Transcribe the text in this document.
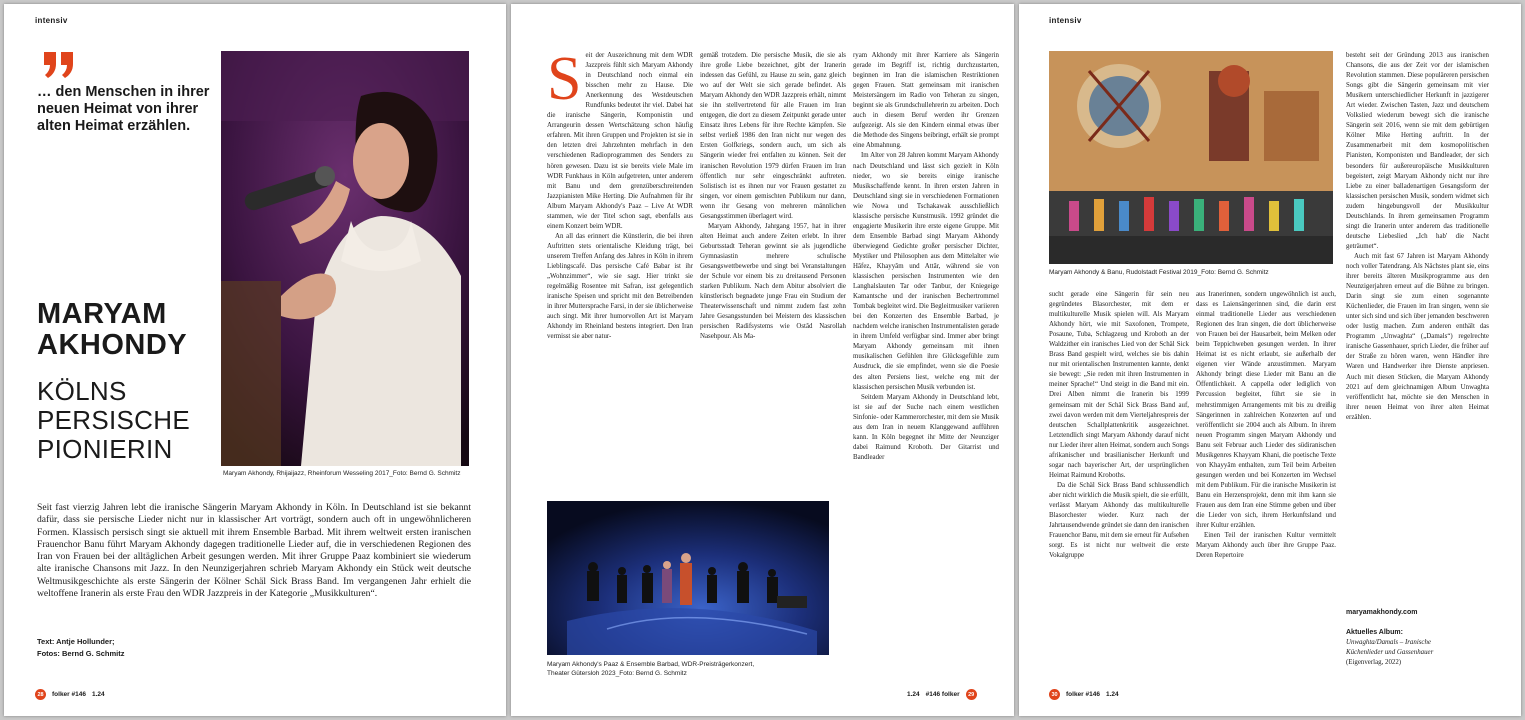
intensiv
… den Menschen in ihrer neuen Heimat von ihrer alten Heimat erzählen.
MARYAM
AKHONDY
KÖLNS
PERSISCHE
PIONIERIN
Maryam Akhondy, Rhijaijazz, Rheinforum Wesseling 2017_Foto: Bernd G. Schmitz
Seit fast vierzig Jahren lebt die iranische Sängerin Maryam Akhondy in Köln. In Deutschland ist sie bekannt dafür, dass sie persische Lieder nicht nur in klassischer Art vorträgt, sondern auch oft in ungewöhnlicheren Formen. Klassisch persisch singt sie aktuell mit ihrem Ensemble Barbad. Mit ihrem weltweit ersten iranischen Frauenchor Banu führt Maryam Akhondy dagegen traditionelle Lieder auf, die in verschiedenen Regionen des Iran von Frauen bei der alltäglichen Arbeit gesungen werden. Mit ihrer Gruppe Paaz kombiniert sie wiederum alte iranische Chansons mit Jazz. In den Neunzigerjahren schrieb Maryam Akhondy ein Stück weit deutsche Weltmusikgeschichte als erste Sängerin der Kölner Schäl Sick Brass Band. Im vergangenen Jahr erhielt die weltoffene Iranerin als erste Frau den WDR Jazzpreis in der Kategorie „Musikkulturen“.
Text: Antje Hollunder;
Fotos: Bernd G. Schmitz
28	folker #146 1.24
S eit der Auszeichnung mit dem WDR Jazzpreis fühlt sich Maryam Akhondy in Deutschland noch einmal ein bisschen mehr zu Hause. Die Anerkennung des Westdeutschen Rundfunks bedeutet ihr viel. Dabei hat die iranische Sängerin, Komponistin und Arrangeurin dessen Wertschätzung schon häufig erfahren. Mit ihren Gruppen und Projekten ist sie in den letzten drei Jahrzehnten mehrfach in den verschiedenen Radioprogrammen des Senders zu hören gewesen. Dazu ist sie bereits viele Male im WDR Funkhaus in Köln aufgetreten, unter anderem mit Banu und dem grenzüberschreitenden Jazzpianisten Mike Herting. Die Aufnahmen für ihr Album Maryam Akhondy's Paaz – Live At WDR stammen, wie der Titel schon sagt, ebenfalls aus einem Konzert beim WDR.

An all das erinnert die Künstlerin, die bei ihren Auftritten stets orientalische Kleidung trägt, bei unserem Treffen Anfang des Jahres in Köln in ihrem Lieblingscafé. Das persische Café Babar ist ihr „Wohnzimmer“, wie sie sagt. Hier trinkt sie regelmäßig Rosentee mit Safran, isst gelegentlich iranische Speisen und spricht mit den Betreibenden in ihrer Muttersprache Farsi, in der sie üblicherweise auch singt. Mit ihrer humorvollen Art ist Maryam Akhondy im Rheinland bestens integriert. Den Iran vermisst sie aber natur-

gemäß trotzdem. Die persische Musik, die sie als ihre große Liebe bezeichnet, gibt der Iranerin indessen das Gefühl, zu Hause zu sein, ganz gleich wo auf der Welt sie sich gerade befindet. Als Maryam Akhondy den WDR Jazzpreis erhält, nimmt sie ihn stellvertretend für alle Frauen im Iran entgegen, die dort zu diesem Zeitpunkt gerade unter Einsatz ihres Lebens für ihre Rechte kämpfen. Sie selbst verließ 1986 den Iran nicht nur wegen des Ersten Golfkriegs, sondern auch, um sich als Sängerin wieder frei entfalten zu können. Seit der iranischen Revolution 1979 dürfen Frauen im Iran öffentlich nur sehr eingeschränkt auftreten. Solistisch ist es ihnen nur vor Frauen gestattet zu singen, vor einem gemischten Publikum nur dann, wenn ihr Gesang von mehreren männlichen Gesangsstimmen überlagert wird.

Maryam Akhondy, Jahrgang 1957, hat in ihrer alten Heimat auch andere Zeiten erlebt. In ihrer Geburtsstadt Teheran gewinnt sie als jugendliche Gymnasiastin mehrere schulische Gesangswettbewerbe und singt bei Veranstaltungen der Schule vor einem bis zu dreitausend Personen starken Publikum. Nach dem Abitur absolviert die künstlerisch begnadete junge Frau ein Studium der Theaterwissenschaft und nimmt zudem fast zehn Jahre Gesangsstunden bei Meistern des klassischen persischen Radifsystems wie Ostâd Nasrollah Nasehpour. Als Ma-

ryam Akhondy mit ihrer Karriere als Sängerin gerade im Begriff ist, richtig durchzustarten, beginnen im Iran die islamischen Restriktionen gegen Frauen. Statt gemeinsam mit iranischen Meistersängern im Radio von Teheran zu singen, beginnt sie als Grundschullehrerin zu arbeiten. Doch auch in diesem Beruf werden ihr Grenzen aufgezeigt. Als sie den Kindern einmal etwas über die Methode des Singens beibringt, erhält sie prompt eine Abmahnung.

Im Alter von 28 Jahren kommt Maryam Akhondy nach Deutschland und lässt sich gezielt in Köln nieder, wo sie bereits einige iranische Musikschaffende kennt. In ihren ersten Jahren in Deutschland singt sie in verschiedenen Formationen wie Nowa und Tschakawak ausschließlich klassische persische Kunstmusik. 1992 gründet die engagierte Musikerin ihre erste eigene Gruppe. Mit dem Ensemble Barbad singt Maryam Akhondy überwiegend Gedichte großer persischer Dichter, Mystiker und Philosophen aus dem Mittelalter wie Hâfez, Khayyâm und Attâr, während sie von klassischen persischen Instrumenten wie den Langhalslauten Tar oder Tanbur, der Kniegeige Kamantsche und der iranischen Bechertrommel Tombak begleitet wird. Die Begleitmusiker variieren bei den Konzerten des Ensemble Barbad, je nachdem welche iranischen Instrumentalisten gerade in ihrem Umfeld verfügbar sind. Immer aber bringt Maryam Akhondy gemeinsam mit ihnen musikalischen Gefühlen ihre Glücksgefühle zum Ausdruck, die sie empfindet, wenn sie die Poesie des alten Persiens liest, welche eng mit der klassischen persischen Musik verbunden ist.

Seitdem Maryam Akhondy in Deutschland lebt, ist sie auf der Suche nach einem westlichen Sinfonie- oder Kammerorchester, mit dem sie Musik aus dem Iran in neuem Klanggewand aufführen kann. In Köln begegnet ihr Mitte der Neunziger dabei Raimund Kroboth. Der Gitarrist und Bandleader

Maryam Akhondy's Paaz & Ensemble Barbad, WDR-Preisträgerkonzert,
Theater Gütersloh 2023_Foto: Bernd G. Schmitz
1.24 #146 folker	29
intensiv
Maryam Akhondy & Banu, Rudolstadt Festival 2019_Foto: Bernd G. Schmitz

sucht gerade eine Sängerin für sein neu gegründetes Blasorchester, mit dem er multikulturelle Musik spielen will. Als Maryam Akhondy hört, wie mit Saxofonen, Trompete, Posaune, Tuba, Schlagzeug und Kroboth an der Waldzither ein iranisches Lied von der Schäl Sick Brass Band gespielt wird, welches sie bis dahin nur mit orientalischen Instrumenten kannte, denkt sie bewegt: „Sie reden mit ihren Instrumenten in meiner Sprache!“ Und steigt in die Band mit ein. Drei Alben nimmt die Iranerin bis 1999 gemeinsam mit der Schäl Sick Brass Band auf, zwei davon werden mit dem Vierteljahrespreis der deutschen Schallplattenkritik ausgezeichnet. Letztendlich singt Maryam Akhondy darauf nicht nur Lieder ihrer alten Heimat, sondern auch Songs afrikanischer und brasilianischer Herkunft und sogar nach bayerischer Art, der ursprünglichen Heimat Raimund Kroboths.

Da die Schäl Sick Brass Band schlussendlich aber nicht wirklich die Musik spielt, die sie erfüllt, verlässt Maryam Akhondy das multikulturelle Blasorchester wieder. Kurz nach der Jahrtausendwende gründet sie dann den iranischen Frauenchor Banu, mit dem sie erneut für Aufsehen sorgt. Es ist nicht nur weltweit die erste Vokalgruppe

aus Iranerinnen, sondern ungewöhnlich ist auch, dass es Laiensängerinnen sind, die darin erst einmal traditionelle Lieder aus verschiedenen Regionen des Iran singen, die dort üblicherweise von Frauen bei der Hausarbeit, beim Melken oder beim Teppichweben gesungen werden. In ihrer Heimat ist es nicht erlaubt, sie außerhalb der eigenen vier Wände anzustimmen. Maryam Akhondy bringt diese Lieder mit Banu an die Öffentlichkeit. A cappella oder lediglich von Percussion begleitet, führt sie sie in mehrstimmigen Arrangements mit bis zu dreißig Sängerinnen in zahlreichen Konzerten auf und veröffentlicht sie 2004 auch als Album. In ihrem neuen Programm singen Maryam Akhondy und Banu seit Februar auch Lieder des südiranischen Musikgenres Khayyam Khani, die poetische Texte von Khayyâm enthalten, zum Teil beim Arbeiten gesungen werden und bei Konzerten im Wechsel mit dem Publikum. Für die iranische Musikerin ist Banu ein Herzensprojekt, denn mit ihm kann sie Frauen aus dem Iran eine Stimme geben und über die Lieder von sich, ihrem Herkunftsland und ihrer Kultur erzählen.

Einen Teil der iranischen Kultur vermittelt Maryam Akhondy auch über ihre Gruppe Paaz. Deren Repertoire

besteht seit der Gründung 2013 aus iranischen Chansons, die aus der Zeit vor der islamischen Revolution stammen. Diese populäreren persischen Songs gibt die Sängerin gemeinsam mit vier Musikern unterschiedlicher Herkunft in jazzigerer Art wieder. Zwischen Tasten, Jazz und deutschem Volkslied wiederum bewegt sich die iranische Sängerin seit 2016, wenn sie mit dem gebürtigen Kölner Mike Herting auftritt. In der Zusammenarbeit mit dem kosmopolitischen Pianisten, Komponisten und Bandleader, der sich besonders für außereuropäische Musikkulturen begeistert, zeigt Maryam Akhondy nicht nur ihre Liebe zu einer balladenartigen Gesangsform der klassischen persischen Musik, sondern widmet sich zudem hingebungsvoll der Musikkultur Deutschlands. In ihrem gemeinsamen Programm singt die Iranerin unter anderem das traditionelle deutsche Liebeslied „Ich hab' die Nacht geträumet“.

Auch mit fast 67 Jahren ist Maryam Akhondy noch voller Tatendrang. Als Nächstes plant sie, eins ihrer bereits älteren Musikprogramme aus den Neunzigerjahren erneut auf die Bühne zu bringen. Darin singt sie zum einen sogenannte Küchenlieder, die Frauen im Iran singen, wenn sie unter sich sind und sich über jemanden beschweren oder lustig machen. Zum anderen enthält das Programm „Unwaghta“ („Damals“) regelrechte iranische Gassenhauer, sprich Lieder, die früher auf der Straße zu hören waren, wenn Händler ihre Waren und Handwerker ihre Dienste anpriesen. Auch mit diesen Stücken, die Maryam Akhondy 2021 auf dem gleichnamigen Album Unwaghta veröffentlicht hat, möchte sie den Menschen in ihrer neuen Heimat von ihrer alten Heimat erzählen.

maryamakhondy.com
Aktuelles Album:
Unwaghta/Damals – Iranische
Küchenlieder und Gassenhauer
(Eigenverlag, 2022)
30	folker #146 1.24
